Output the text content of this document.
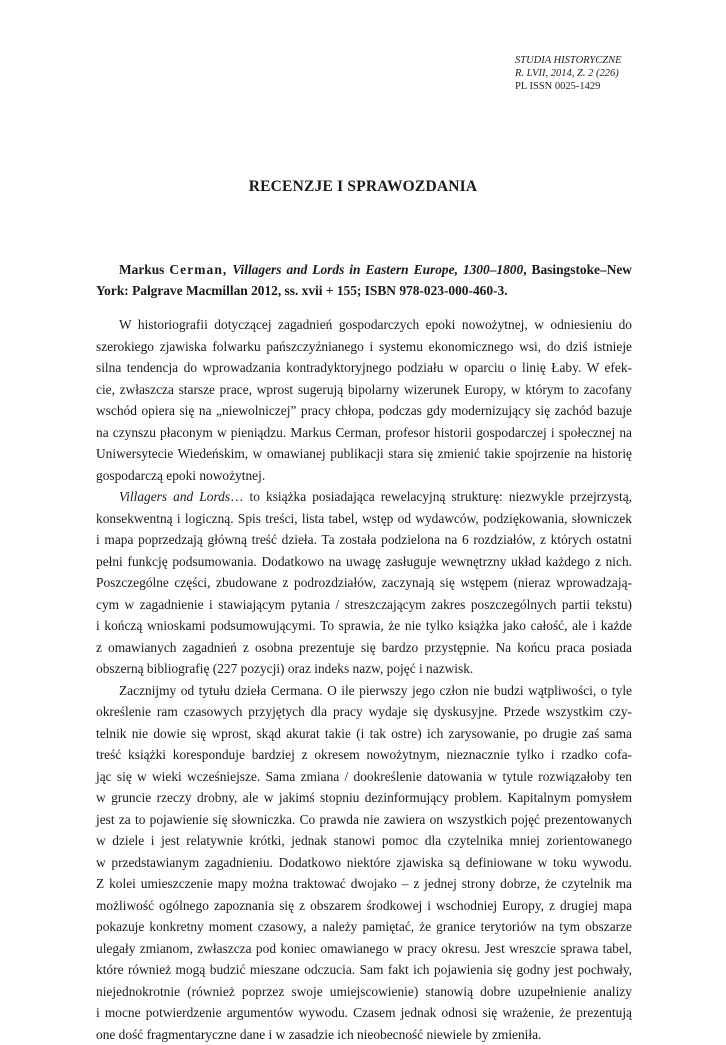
STUDIA HISTORYCZNE
R. LVII, 2014, Z. 2 (226)
PL ISSN 0025-1429
RECENZJE I SPRAWOZDANIA
Markus Cerman, Villagers and Lords in Eastern Europe, 1300–1800, Basingstoke–New York: Palgrave Macmillan 2012, ss. xvii + 155; ISBN 978-023-000-460-3.
W historiografii dotyczącej zagadnień gospodarczych epoki nowożytnej, w odniesieniu do
szerokiego zjawiska folwarku pańszczyźnianego i systemu ekonomicznego wsi, do dziś istnieje
silna tendencja do wprowadzania kontradyktoryjnego podziału w oparciu o linię Łaby. W efek-
cie, zwłaszcza starsze prace, wprost sugerują bipolarny wizerunek Europy, w którym to zacofany
wschód opiera się na „niewolniczej” pracy chłopa, podczas gdy modernizujący się zachód bazuje
na czynszu płaconym w pieniądzu. Markus Cerman, profesor historii gospodarczej i społecznej na
Uniwersytecie Wiedeńskim, w omawianej publikacji stara się zmienić takie spojrzenie na historię
gospodarczą epoki nowożytnej.
Villagers and Lords… to książka posiadająca rewelacyjną strukturę: niezwykle przejrzystą,
konsekwentną i logiczną. Spis treści, lista tabel, wstęp od wydawców, podziękowania, słowniczek
i mapa poprzedzają główną treść dzieła. Ta została podzielona na 6 rozdziałów, z których ostatni
pełni funkcję podsumowania. Dodatkowo na uwagę zasługuje wewnętrzny układ każdego z nich.
Poszczególne części, zbudowane z podrozdziałów, zaczynają się wstępem (nieraz wprowadzają-
cym w zagadnienie i stawiającym pytania / streszczającym zakres poszczególnych partii tekstu)
i kończą wnioskami podsumowującymi. To sprawia, że nie tylko książka jako całość, ale i każde
z omawianych zagadnień z osobna prezentuje się bardzo przystępnie. Na końcu praca posiada
obszerną bibliografię (227 pozycji) oraz indeks nazw, pojęć i nazwisk.
Zacznijmy od tytułu dzieła Cermana. O ile pierwszy jego człon nie budzi wątpliwości, o tyle
określenie ram czasowych przyjętych dla pracy wydaje się dyskusyjne. Przede wszystkim czy-
telnik nie dowie się wprost, skąd akurat takie (i tak ostre) ich zarysowanie, po drugie zaś sama
treść książki koresponduje bardziej z okresem nowożytnym, nieznacznie tylko i rzadko cofa-
jąc się w wieki wcześniejsze. Sama zmiana / dookreślenie datowania w tytule rozwiązałoby ten
w gruncie rzeczy drobny, ale w jakimś stopniu dezinformujący problem. Kapitalnym pomysłem
jest za to pojawienie się słowniczka. Co prawda nie zawiera on wszystkich pojęć prezentowanych
w dziele i jest relatywnie krótki, jednak stanowi pomoc dla czytelnika mniej zorientowanego
w przedstawianym zagadnieniu. Dodatkowo niektóre zjawiska są definiowane w toku wywodu.
Z kolei umieszczenie mapy można traktować dwojako – z jednej strony dobrze, że czytelnik ma
możliwość ogólnego zapoznania się z obszarem środkowej i wschodniej Europy, z drugiej mapa
pokazuje konkretny moment czasowy, a należy pamiętać, że granice terytoriów na tym obszarze
ulegały zmianom, zwłaszcza pod koniec omawianego w pracy okresu. Jest wreszcie sprawa tabel,
które również mogą budzić mieszane odczucia. Sam fakt ich pojawienia się godny jest pochwały,
niejednokrotnie (również poprzez swoje umiejscowienie) stanowią dobre uzupełnienie analizy
i mocne potwierdzenie argumentów wywodu. Czasem jednak odnosi się wrażenie, że prezentują
one dość fragmentaryczne dane i w zasadzie ich nieobecność niewiele by zmieniła.
